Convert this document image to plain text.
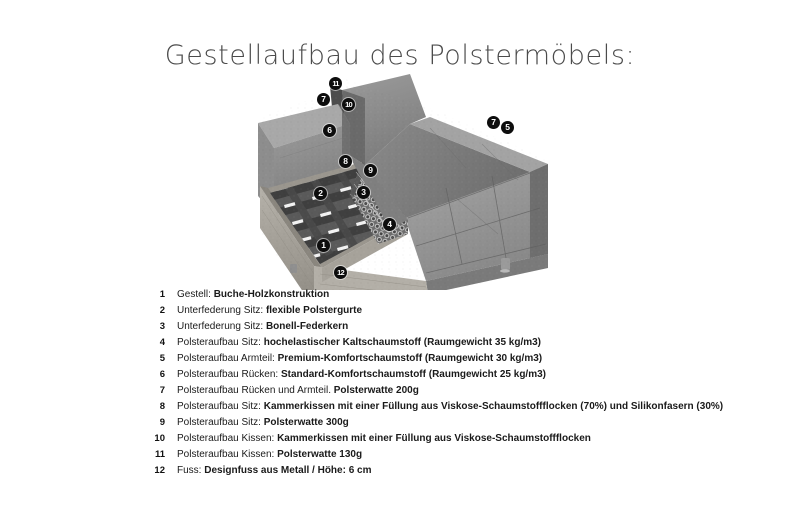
Gestellaufbau des Polstermöbels:
1
2	3
4
5
6
7
7
8
9
10
11
12
1	Gestell: Buche-Holzkonstruktion
2	Unterfederung Sitz: flexible Polstergurte
3	Unterfederung Sitz: Bonell-Federkern
4	Polsteraufbau Sitz: hochelastischer Kaltschaumstoff (Raumgewicht 35 kg/m3)
5	Polsteraufbau Armteil: Premium-Komfortschaumstoff (Raumgewicht 30 kg/m3)
6	Polsteraufbau Rücken: Standard-Komfortschaumstoff (Raumgewicht 25 kg/m3)
7	Polsteraufbau Rücken und Armteil. Polsterwatte 200g
8	Polsteraufbau Sitz: Kammerkissen mit einer Füllung aus Viskose-Schaumstoffflocken (70%) und Silikonfasern (30%)
9	Polsteraufbau Sitz: Polsterwatte 300g
10	Polsteraufbau Kissen: Kammerkissen mit einer Füllung aus Viskose-Schaumstoffflocken
11	Polsteraufbau Kissen: Polsterwatte 130g
12	Fuss: Designfuss aus Metall / Höhe: 6 cm
